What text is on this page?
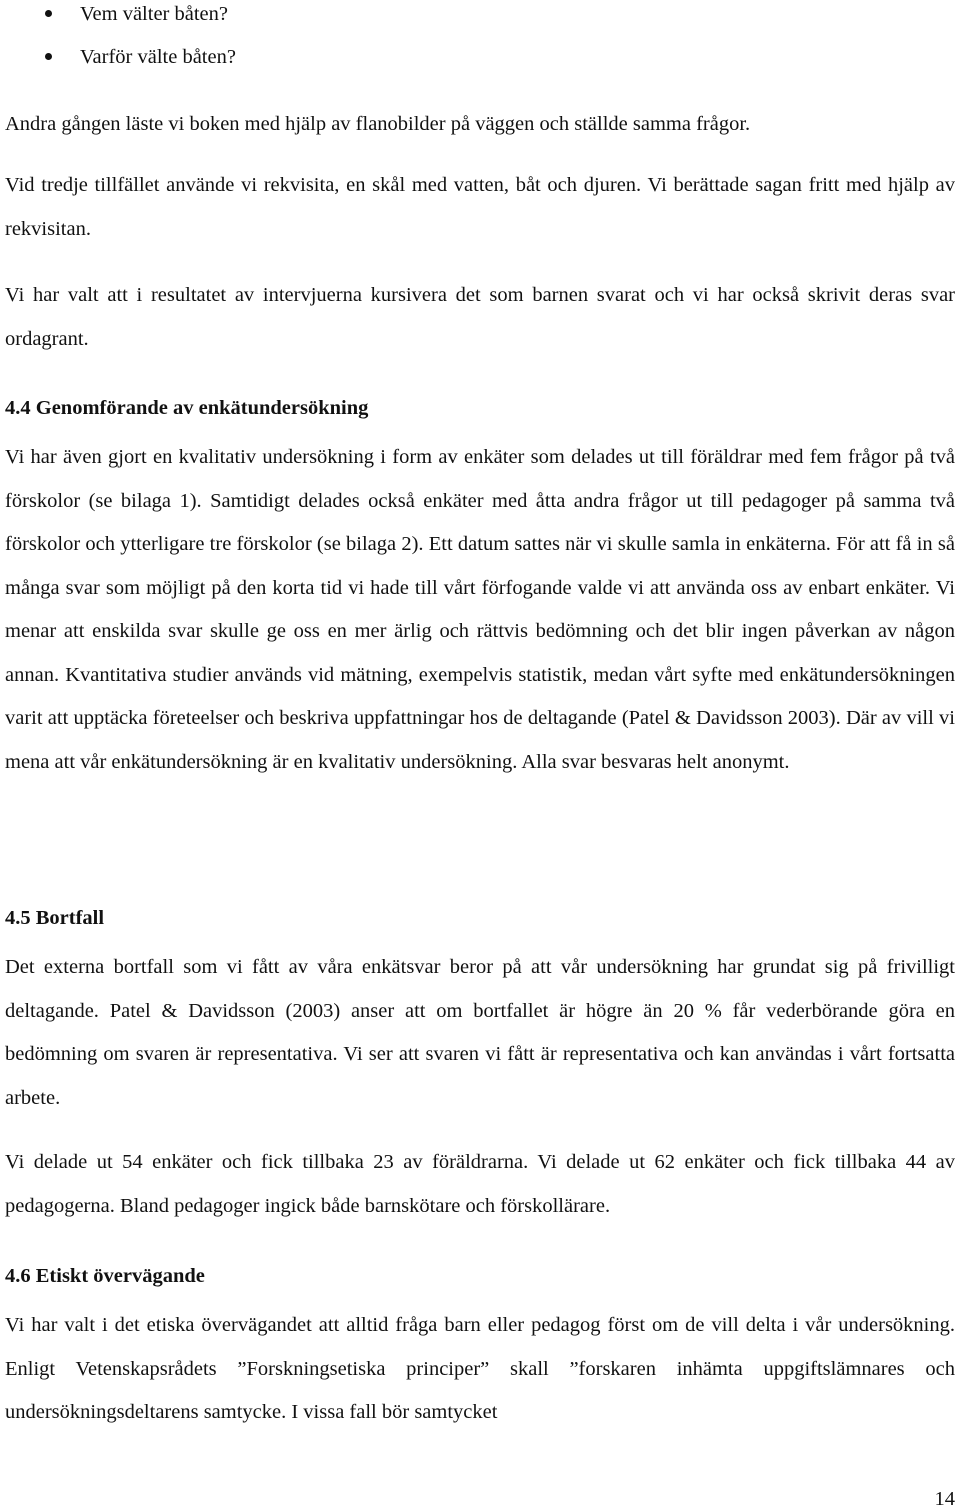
Vem välter båten?
Varför välte båten?

Andra gången läste vi boken med hjälp av flanobilder på väggen och ställde samma frågor.

Vid tredje tillfället använde vi rekvisita, en skål med vatten, båt och djuren. Vi berättade sagan fritt med hjälp av rekvisitan.

Vi har valt att i resultatet av intervjuerna kursivera det som barnen svarat och vi har också skrivit deras svar ordagrant.

4.4 Genomförande av enkätundersökning

Vi har även gjort en kvalitativ undersökning i form av enkäter som delades ut till föräldrar med fem frågor på två förskolor (se bilaga 1). Samtidigt delades också enkäter med åtta andra frågor ut till pedagoger på samma två förskolor och ytterligare tre förskolor (se bilaga 2). Ett datum sattes när vi skulle samla in enkäterna. För att få in så många svar som möjligt på den korta tid vi hade till vårt förfogande valde vi att använda oss av enbart enkäter. Vi menar att enskilda svar skulle ge oss en mer ärlig och rättvis bedömning och det blir ingen påverkan av någon annan. Kvantitativa studier används vid mätning, exempelvis statistik, medan vårt syfte med enkätundersökningen varit att upptäcka företeelser och beskriva uppfattningar hos de deltagande (Patel & Davidsson 2003). Där av vill vi mena att vår enkätundersökning är en kvalitativ undersökning. Alla svar besvaras helt anonymt.

4.5 Bortfall

Det externa bortfall som vi fått av våra enkätsvar beror på att vår undersökning har grundat sig på frivilligt deltagande. Patel & Davidsson (2003) anser att om bortfallet är högre än 20 % får vederbörande göra en bedömning om svaren är representativa. Vi ser att svaren vi fått är representativa och kan användas i vårt fortsatta arbete.

Vi delade ut 54 enkäter och fick tillbaka 23 av föräldrarna. Vi delade ut 62 enkäter och fick tillbaka 44 av pedagogerna. Bland pedagoger ingick både barnskötare och förskollärare.

4.6 Etiskt övervägande

Vi har valt i det etiska övervägandet att alltid fråga barn eller pedagog först om de vill delta i vår undersökning. Enligt Vetenskapsrådets ”Forskningsetiska principer” skall ”forskaren inhämta uppgiftslämnares och undersökningsdeltarens samtycke. I vissa fall bör samtycket

14
